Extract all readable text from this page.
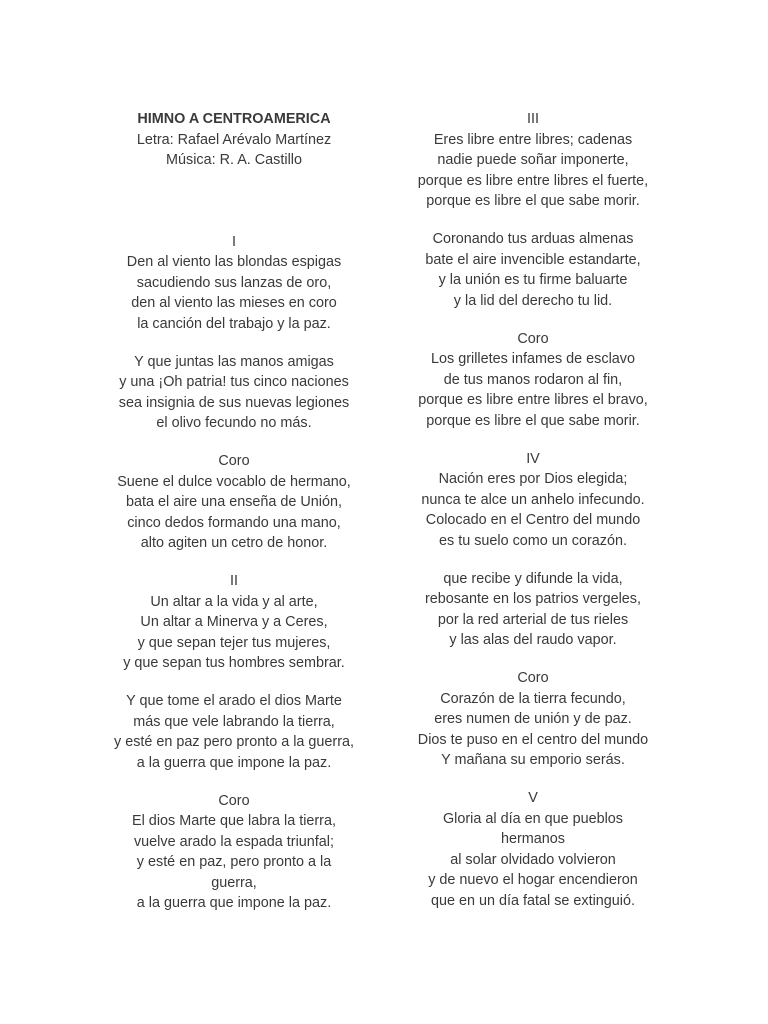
HIMNO A CENTROAMERICA
Letra: Rafael Arévalo Martínez
Música: R. A. Castillo
I
Den al viento las blondas espigas
sacudiendo sus lanzas de oro,
den al viento las mieses en coro
la canción del trabajo y la paz.
Y que juntas las manos amigas
y una ¡Oh patria! tus cinco naciones
sea insignia de sus nuevas legiones
el olivo fecundo no más.
Coro
Suene el dulce vocablo de hermano,
bata el aire una enseña de Unión,
cinco dedos formando una mano,
alto agiten un cetro de honor.
II
Un altar a la vida y al arte,
Un altar a Minerva y a Ceres,
y que sepan tejer tus mujeres,
y que sepan tus hombres sembrar.
Y que tome el arado el dios Marte
más que vele labrando la tierra,
y esté en paz pero pronto a la guerra,
a la guerra que impone la paz.
Coro
El dios Marte que labra la tierra,
vuelve arado la espada triunfal;
y esté en paz, pero pronto a la
guerra,
a la guerra que impone la paz.
III
Eres libre entre libres; cadenas
nadie puede soñar imponerte,
porque es libre entre libres el fuerte,
porque es libre el que sabe morir.
Coronando tus arduas almenas
bate el aire invencible estandarte,
y la unión es tu firme baluarte
y la lid del derecho tu lid.
Coro
Los grilletes infames de esclavo
de tus manos rodaron al fin,
porque es libre entre libres el bravo,
porque es libre el que sabe morir.
IV
Nación eres por Dios elegida;
nunca te alce un anhelo infecundo.
Colocado en el Centro del mundo
es tu suelo como un corazón.
que recibe y difunde la vida,
rebosante en los patrios vergeles,
por la red arterial de tus rieles
y las alas del raudo vapor.
Coro
Corazón de la tierra fecundo,
eres numen de unión y de paz.
Dios te puso en el centro del mundo
Y mañana su emporio serás.
V
Gloria al día en que pueblos
hermanos
al solar olvidado volvieron
y de nuevo el hogar encendieron
que en un día fatal se extinguió.
